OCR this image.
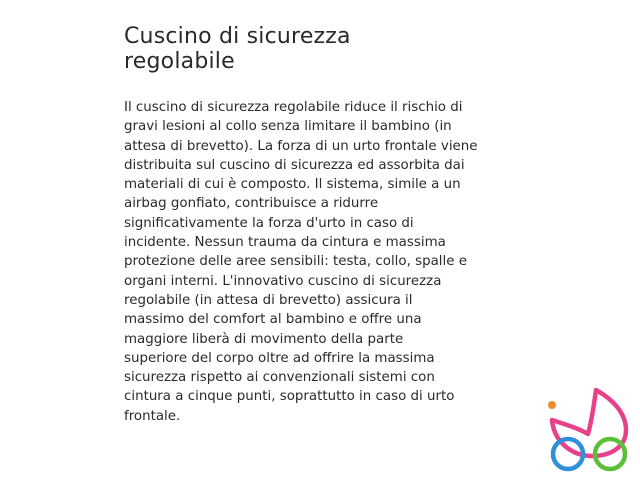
Cuscino di sicurezza
regolabile

Il cuscino di sicurezza regolabile riduce il rischio di
gravi lesioni al collo senza limitare il bambino (in
attesa di brevetto). La forza di un urto frontale viene
distribuita sul cuscino di sicurezza ed assorbita dai
materiali di cui è composto. Il sistema, simile a un
airbag gonfiato, contribuisce a ridurre
significativamente la forza d'urto in caso di
incidente. Nessun trauma da cintura e massima
protezione delle aree sensibili: testa, collo, spalle e
organi interni. L'innovativo cuscino di sicurezza
regolabile (in attesa di brevetto) assicura il
massimo del comfort al bambino e offre una
maggiore liberà di movimento della parte
superiore del corpo oltre ad offrire la massima
sicurezza rispetto ai convenzionali sistemi con
cintura a cinque punti, soprattutto in caso di urto
frontale.
